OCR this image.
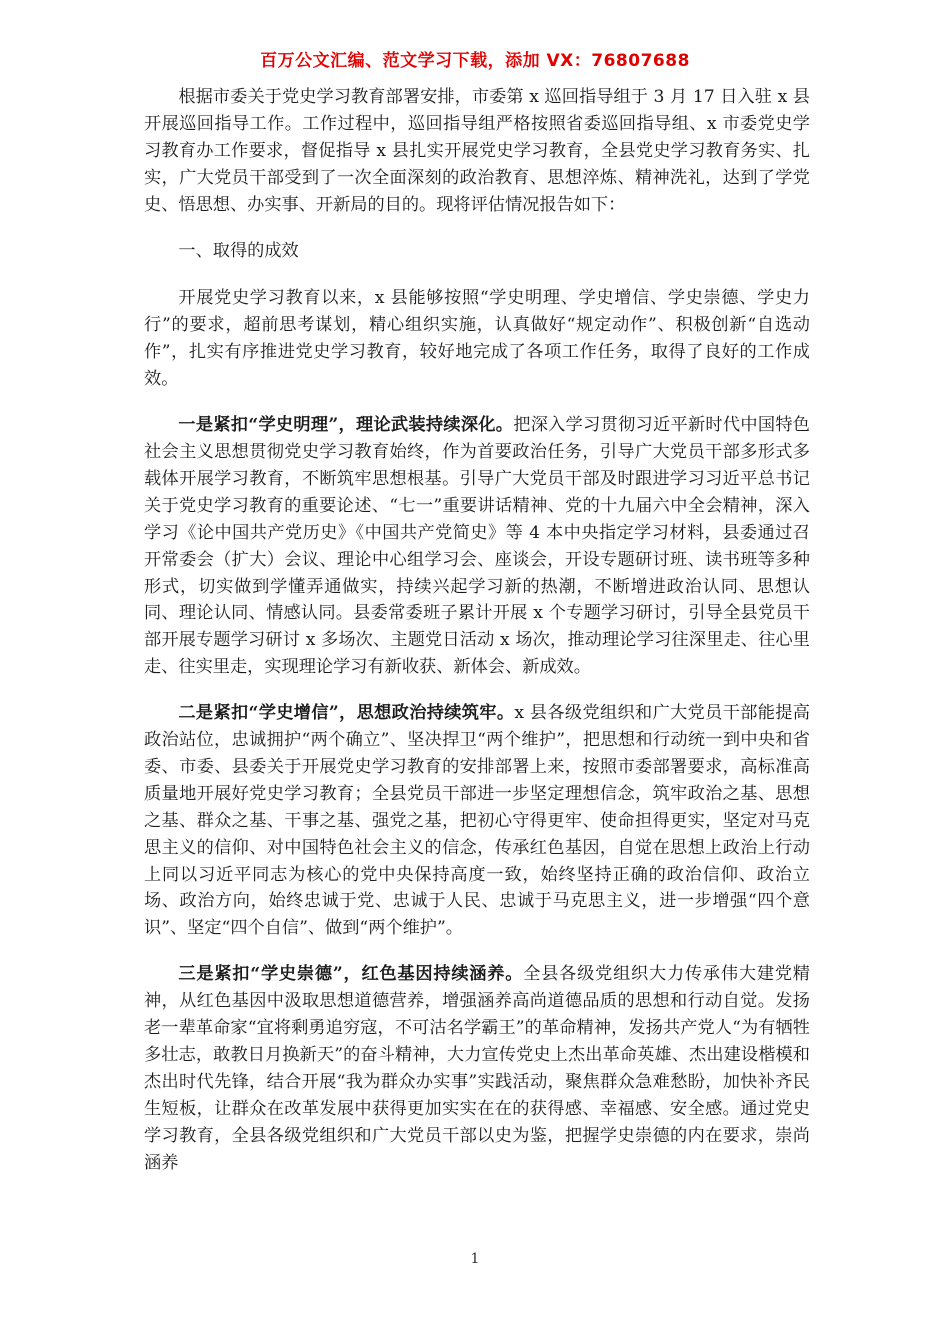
百万公文汇编、范文学习下载，添加 VX：76807688

根据市委关于党史学习教育部署安排，市委第 x 巡回指导组于 3 月 17 日入驻 x 县开展巡回指导工作。工作过程中，巡回指导组严格按照省委巡回指导组、x 市委党史学习教育办工作要求，督促指导 x 县扎实开展党史学习教育，全县党史学习教育务实、扎实，广大党员干部受到了一次全面深刻的政治教育、思想淬炼、精神洗礼，达到了学党史、悟思想、办实事、开新局的目的。现将评估情况报告如下：

一、取得的成效

开展党史学习教育以来，x 县能够按照“学史明理、学史增信、学史崇德、学史力行”的要求，超前思考谋划，精心组织实施，认真做好“规定动作”、积极创新“自选动作”，扎实有序推进党史学习教育，较好地完成了各项工作任务，取得了良好的工作成效。

一是紧扣“学史明理”，理论武装持续深化。把深入学习贯彻习近平新时代中国特色社会主义思想贯彻党史学习教育始终，作为首要政治任务，引导广大党员干部多形式多载体开展学习教育，不断筑牢思想根基。引导广大党员干部及时跟进学习习近平总书记关于党史学习教育的重要论述、“七一”重要讲话精神、党的十九届六中全会精神，深入学习《论中国共产党历史》《中国共产党简史》等 4 本中央指定学习材料，县委通过召开常委会（扩大）会议、理论中心组学习会、座谈会，开设专题研讨班、读书班等多种形式，切实做到学懂弄通做实，持续兴起学习新的热潮，不断增进政治认同、思想认同、理论认同、情感认同。县委常委班子累计开展 x 个专题学习研讨，引导全县党员干部开展专题学习研讨 x 多场次、主题党日活动 x 场次，推动理论学习往深里走、往心里走、往实里走，实现理论学习有新收获、新体会、新成效。

二是紧扣“学史增信”，思想政治持续筑牢。x 县各级党组织和广大党员干部能提高政治站位，忠诚拥护“两个确立”、坚决捍卫“两个维护”，把思想和行动统一到中央和省委、市委、县委关于开展党史学习教育的安排部署上来，按照市委部署要求，高标准高质量地开展好党史学习教育；全县党员干部进一步坚定理想信念，筑牢政治之基、思想之基、群众之基、干事之基、强党之基，把初心守得更牢、使命担得更实，坚定对马克思主义的信仰、对中国特色社会主义的信念，传承红色基因，自觉在思想上政治上行动上同以习近平同志为核心的党中央保持高度一致，始终坚持正确的政治信仰、政治立场、政治方向，始终忠诚于党、忠诚于人民、忠诚于马克思主义，进一步增强“四个意识”、坚定“四个自信”、做到“两个维护”。

三是紧扣“学史崇德”，红色基因持续涵养。全县各级党组织大力传承伟大建党精神，从红色基因中汲取思想道德营养，增强涵养高尚道德品质的思想和行动自觉。发扬老一辈革命家“宜将剩勇追穷寇，不可沽名学霸王”的革命精神，发扬共产党人“为有牺牲多壮志，敢教日月换新天”的奋斗精神，大力宣传党史上杰出革命英雄、杰出建设楷模和杰出时代先锋，结合开展“我为群众办实事”实践活动，聚焦群众急难愁盼，加快补齐民生短板，让群众在改革发展中获得更加实实在在的获得感、幸福感、安全感。通过党史学习教育，全县各级党组织和广大党员干部以史为鉴，把握学史崇德的内在要求，崇尚涵养

1
